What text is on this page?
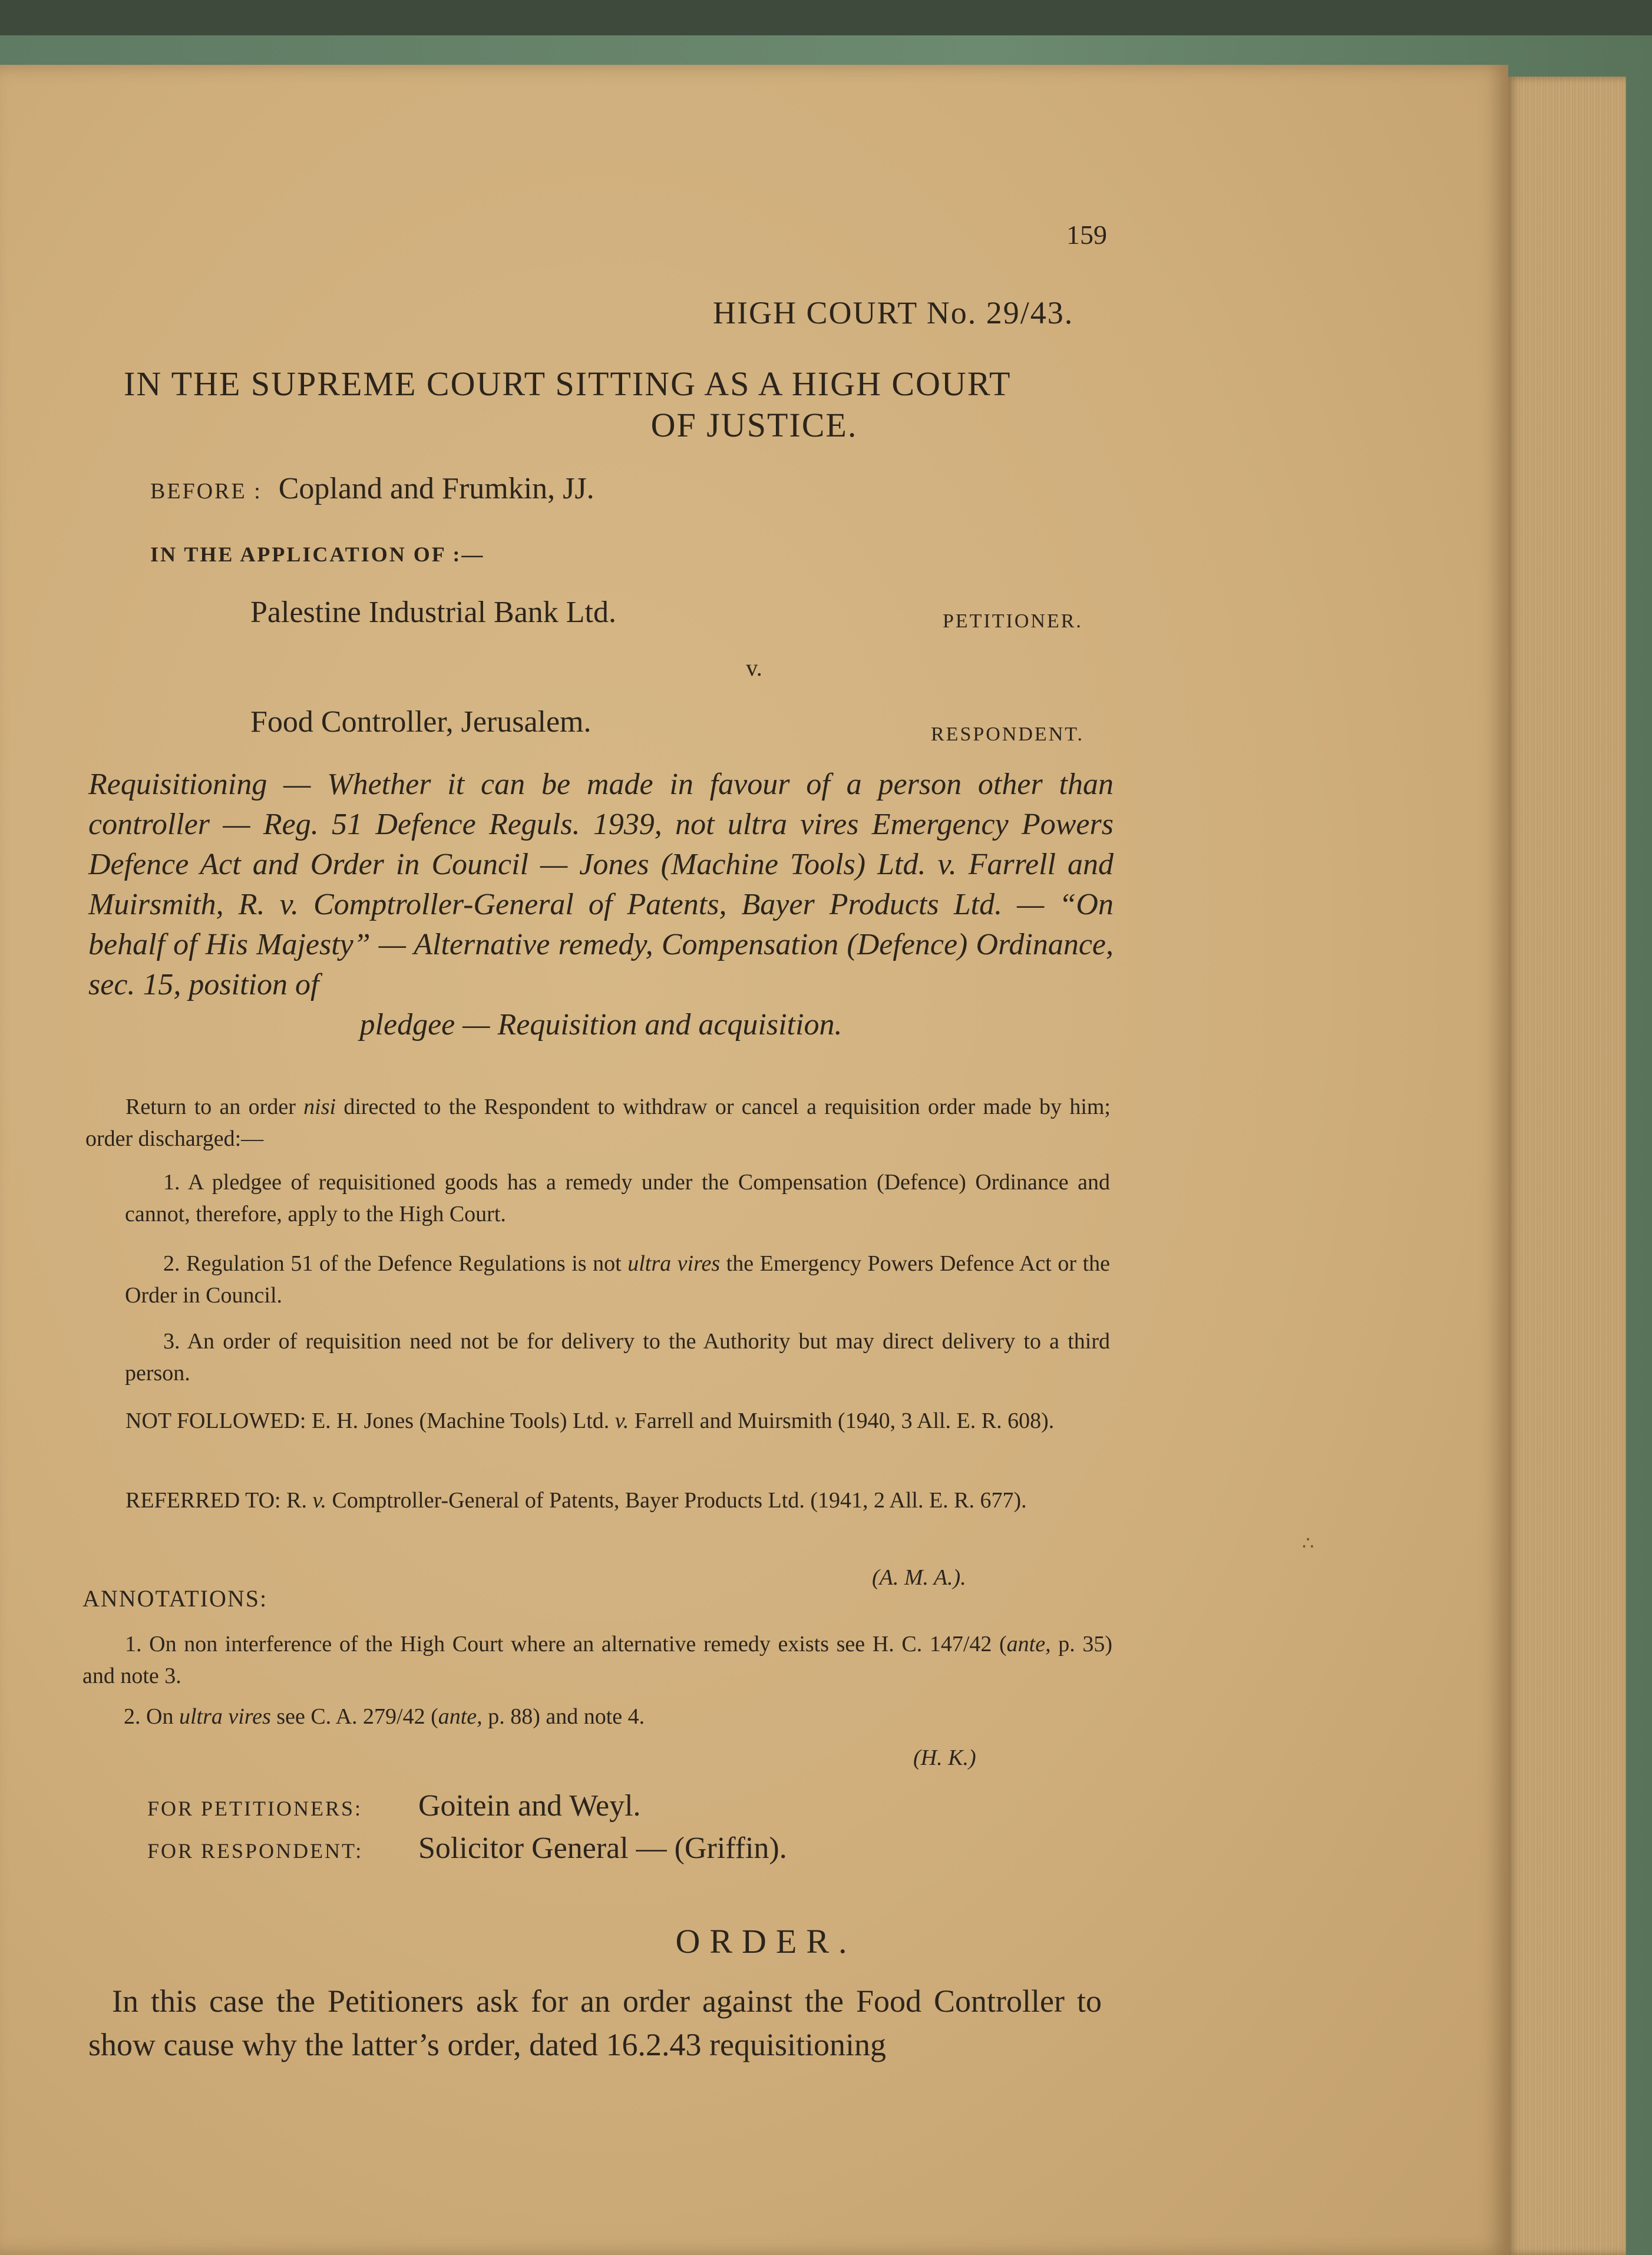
159
HIGH COURT No. 29/43.
IN THE SUPREME COURT SITTING AS A HIGH COURT
OF JUSTICE.
BEFORE : Copland and Frumkin, JJ.
IN THE APPLICATION OF :—
Palestine Industrial Bank Ltd.	PETITIONER.
v.
Food Controller, Jerusalem.	RESPONDENT.
Requisitioning — Whether it can be made in favour of a person other than controller — Reg. 51 Defence Reguls. 1939, not ultra vires Emergency Powers Defence Act and Order in Council — Jones (Machine Tools) Ltd. v. Farrell and Muirsmith, R. v. Comptroller-General of Patents, Bayer Products Ltd. — “On behalf of His Majesty” — Alternative remedy, Compensation (Defence) Ordinance, sec. 15, position of
pledgee — Requisition and acquisition.
Return to an order nisi directed to the Respondent to withdraw or cancel a requisition order made by him; order discharged:—
1. A pledgee of requisitioned goods has a remedy under the Compensation (Defence) Ordinance and cannot, therefore, apply to the High Court.
2. Regulation 51 of the Defence Regulations is not ultra vires the Emergency Powers Defence Act or the Order in Council.
3. An order of requisition need not be for delivery to the Authority but may direct delivery to a third person.
NOT FOLLOWED: E. H. Jones (Machine Tools) Ltd. v. Farrell and Muirsmith (1940, 3 All. E. R. 608).
REFERRED TO: R. v. Comptroller-General of Patents, Bayer Products Ltd. (1941, 2 All. E. R. 677).
(A. M. A.).
ANNOTATIONS:
1. On non interference of the High Court where an alternative remedy exists see H. C. 147/42 (ante, p. 35) and note 3.
2. On ultra vires see C. A. 279/42 (ante, p. 88) and note 4.
(H. K.)
FOR PETITIONERS: Goitein and Weyl.
FOR RESPONDENT: Solicitor General — (Griffin).
ORDER.
In this case the Petitioners ask for an order against the Food Controller to show cause why the latter’s order, dated 16.2.43 requisitioning
∴
